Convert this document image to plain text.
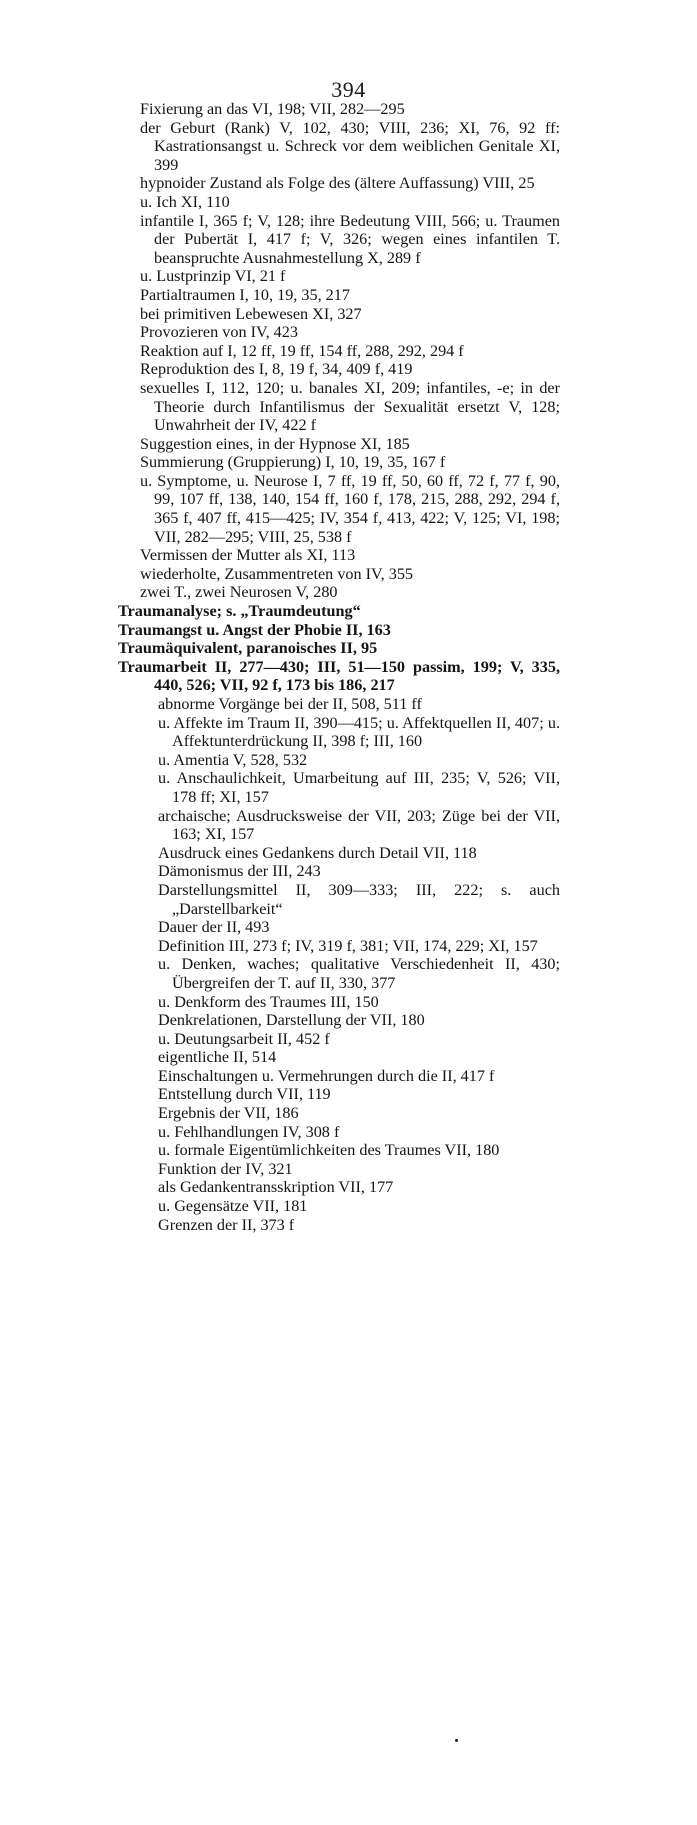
394
Fixierung an das VI, 198; VII, 282—295
der Geburt (Rank) V, 102, 430; VIII, 236; XI, 76, 92 ff: Kastrationsangst u. Schreck vor dem weiblichen Genitale XI, 399
hypnoider Zustand als Folge des (ältere Auffassung) VIII, 25
u. Ich XI, 110
infantile I, 365 f; V, 128; ihre Bedeutung VIII, 566; u. Traumen der Pubertät I, 417 f; V, 326; wegen eines infantilen T. beanspruchte Ausnahmestellung X, 289 f
u. Lustprinzip VI, 21 f
Partialtraumen I, 10, 19, 35, 217
bei primitiven Lebewesen XI, 327
Provozieren von IV, 423
Reaktion auf I, 12 ff, 19 ff, 154 ff, 288, 292, 294 f
Reproduktion des I, 8, 19 f, 34, 409 f, 419
sexuelles I, 112, 120; u. banales XI, 209; infantiles, -e; in der Theorie durch Infantilismus der Sexualität ersetzt V, 128; Unwahrheit der IV, 422 f
Suggestion eines, in der Hypnose XI, 185
Summierung (Gruppierung) I, 10, 19, 35, 167 f
u. Symptome, u. Neurose I, 7 ff, 19 ff, 50, 60 ff, 72 f, 77 f, 90, 99, 107 ff, 138, 140, 154 ff, 160 f, 178, 215, 288, 292, 294 f, 365 f, 407 ff, 415—425; IV, 354 f, 413, 422; V, 125; VI, 198; VII, 282—295; VIII, 25, 538 f
Vermissen der Mutter als XI, 113
wiederholte, Zusammentreten von IV, 355
zwei T., zwei Neurosen V, 280
Traumanalyse; s. „Traumdeutung“
Traumangst u. Angst der Phobie II, 163
Traumäquivalent, paranoisches II, 95
Traumarbeit II, 277—430; III, 51—150 passim, 199; V, 335, 440, 526; VII, 92 f, 173 bis 186, 217
abnorme Vorgänge bei der II, 508, 511 ff
u. Affekte im Traum II, 390—415; u. Affektquellen II, 407; u. Affektunterdrückung II, 398 f; III, 160
u. Amentia V, 528, 532
u. Anschaulichkeit, Umarbeitung auf III, 235; V, 526; VII, 178 ff; XI, 157
archaische; Ausdrucksweise der VII, 203; Züge bei der VII, 163; XI, 157
Ausdruck eines Gedankens durch Detail VII, 118
Dämonismus der III, 243
Darstellungsmittel II, 309—333; III, 222; s. auch „Darstellbarkeit“
Dauer der II, 493
Definition III, 273 f; IV, 319 f, 381; VII, 174, 229; XI, 157
u. Denken, waches; qualitative Verschiedenheit II, 430; Übergreifen der T. auf II, 330, 377
u. Denkform des Traumes III, 150
Denkrelationen, Darstellung der VII, 180
u. Deutungsarbeit II, 452 f
eigentliche II, 514
Einschaltungen u. Vermehrungen durch die II, 417 f
Entstellung durch VII, 119
Ergebnis der VII, 186
u. Fehlhandlungen IV, 308 f
u. formale Eigentümlichkeiten des Traumes VII, 180
Funktion der IV, 321
als Gedankentransskription VII, 177
u. Gegensätze VII, 181
Grenzen der II, 373 f
